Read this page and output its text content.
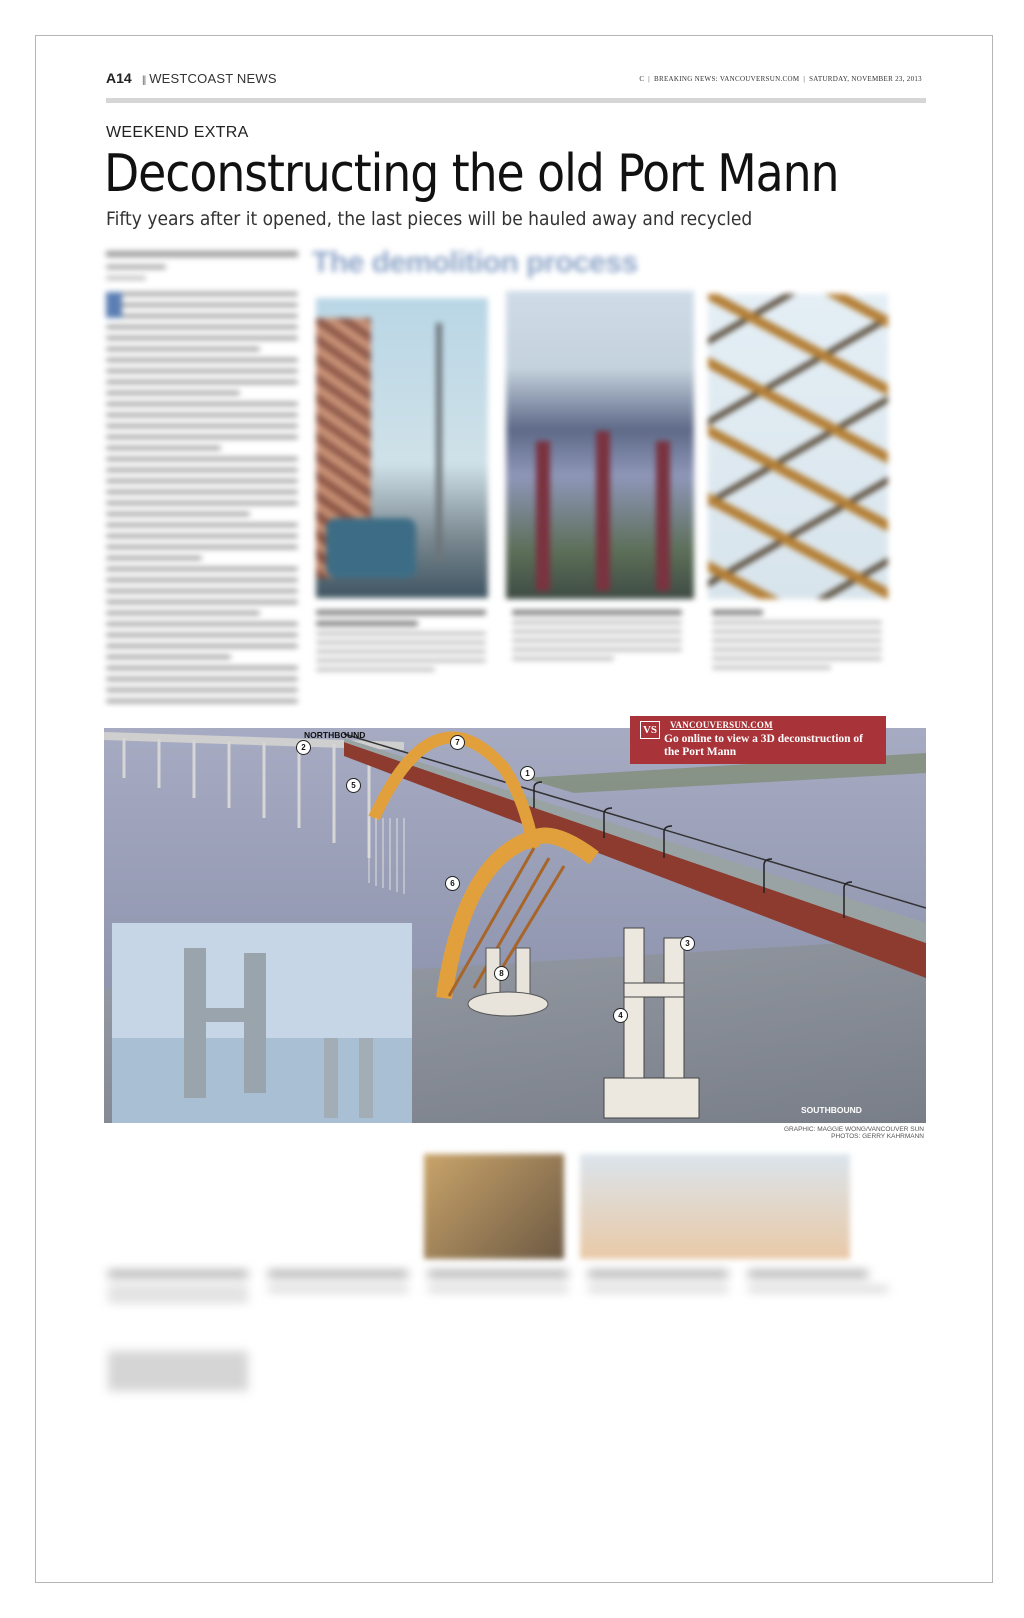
A14
||	WESTCOAST NEWS	C | BREAKING NEWS: VANCOUVERSUN.COM | SATURDAY, NOVEMBER 23, 2013
WEEKEND EXTRA
Deconstructing the old Port Mann
Fifty years after it opened, the last pieces will be hauled away and recycled
The demolition process
NORTHBOUND
SOUTHBOUND
1
2
3
4
5
6
7
8
VS	VANCOUVERSUN.COM
Go online to view a 3D deconstruction of the Port Mann
GRAPHIC: MAGGIE WONG/VANCOUVER SUN
PHOTOS: GERRY KAHRMANN
